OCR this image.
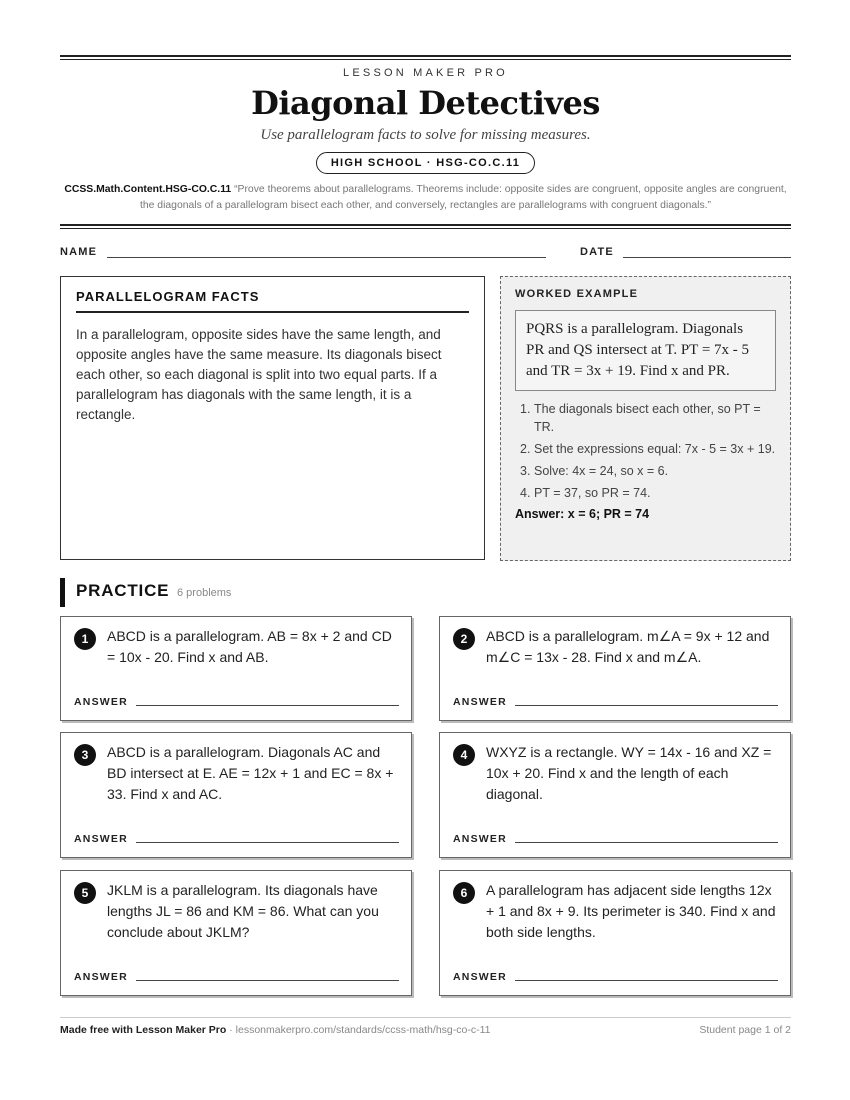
LESSON MAKER PRO
Diagonal Detectives
Use parallelogram facts to solve for missing measures.
HIGH SCHOOL · HSG-CO.C.11
CCSS.Math.Content.HSG-CO.C.11 “Prove theorems about parallelograms. Theorems include: opposite sides are congruent, opposite angles are congruent, the diagonals of a parallelogram bisect each other, and conversely, rectangles are parallelograms with congruent diagonals.”
NAME	DATE
PARALLELOGRAM FACTS
In a parallelogram, opposite sides have the same length, and opposite angles have the same measure. Its diagonals bisect each other, so each diagonal is split into two equal parts. If a parallelogram has diagonals with the same length, it is a rectangle.
WORKED EXAMPLE
PQRS is a parallelogram. Diagonals PR and QS intersect at T. PT = 7x - 5 and TR = 3x + 19. Find x and PR.
1. The diagonals bisect each other, so PT = TR.
2. Set the expressions equal: 7x - 5 = 3x + 19.
3. Solve: 4x = 24, so x = 6.
4. PT = 37, so PR = 74.
Answer: x = 6; PR = 74
PRACTICE 6 problems
1	ABCD is a parallelogram. AB = 8x + 2 and CD = 10x - 20. Find x and AB.
ANSWER
2	ABCD is a parallelogram. m∠A = 9x + 12 and m∠C = 13x - 28. Find x and m∠A.
ANSWER
3	ABCD is a parallelogram. Diagonals AC and BD intersect at E. AE = 12x + 1 and EC = 8x + 33. Find x and AC.
ANSWER
4	WXYZ is a rectangle. WY = 14x - 16 and XZ = 10x + 20. Find x and the length of each diagonal.
ANSWER
5	JKLM is a parallelogram. Its diagonals have lengths JL = 86 and KM = 86. What can you conclude about JKLM?
ANSWER
6	A parallelogram has adjacent side lengths 12x + 1 and 8x + 9. Its perimeter is 340. Find x and both side lengths.
ANSWER
Made free with Lesson Maker Pro · lessonmakerpro.com/standards/ccss-math/hsg-co-c-11	Student page 1 of 2
